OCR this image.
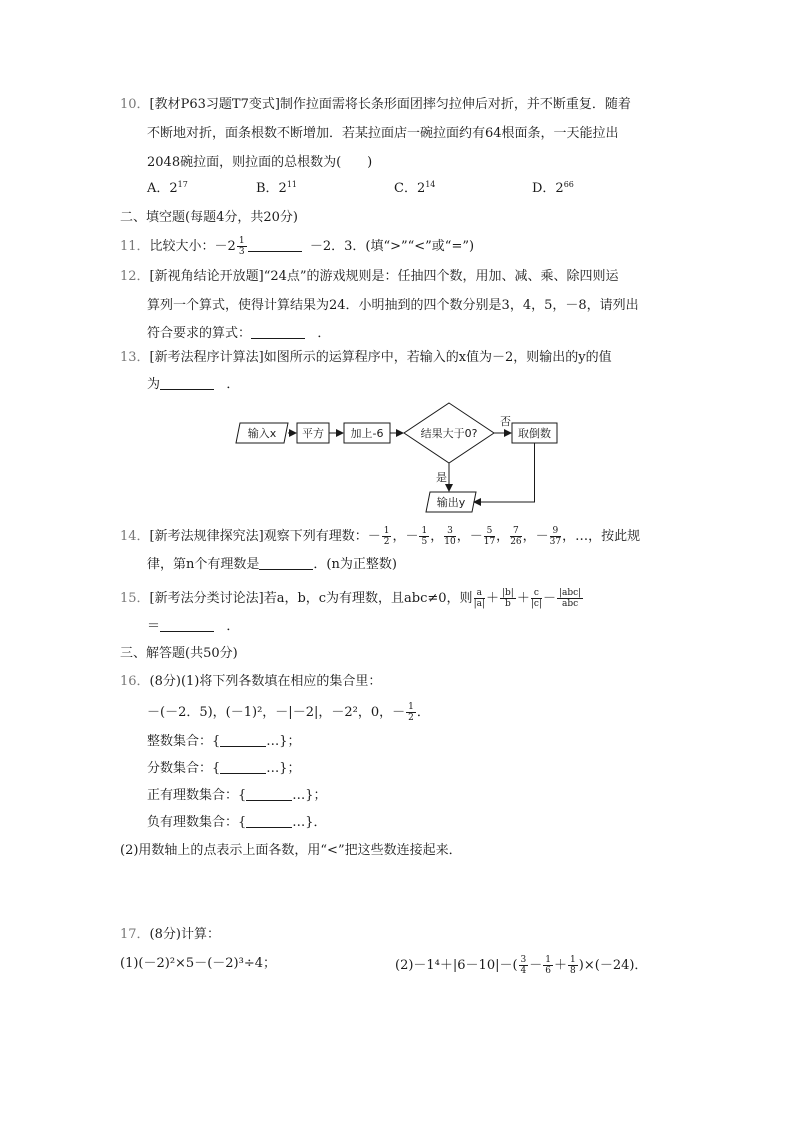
10．[教材P63习题T7变式]制作拉面需将长条形面团摔匀拉伸后对折，并不断重复．随着
不断地对折，面条根数不断增加．若某拉面店一碗拉面约有64根面条，一天能拉出
2048碗拉面，则拉面的总根数为(　　)
A．$2^{17}$	B．$2^{11}$	C．$2^{14}$	D．$2^{66}$
二、填空题(每题4分，共20分)
11．比较大小：$-2 \frac{1}{3}$	－2．3．(填“>”“<”或“=”)
12．[新视角结论开放题]“24点”的游戏规则是：任抽四个数，用加、减、乘、除四则运
算列一个算式，使得计算结果为24．小明抽到的四个数分别是3，4，5，－8，请列出
符合要求的算式：	．
13．[新考法程序计算法]如图所示的运算程序中，若输入的x值为－2，则输出的y的值
为	．
输入x 平方 加上-6	结果大于0?
否
取倒数
是
输出y
14．[新考法规律探究法]观察下列有理数：－ $\frac{1}{2}$ ，－ $\frac{1}{5}$ ， $\frac{3}{10}$ ，－ $\frac{5}{17}$ ， $\frac{7}{26}$ ，－ $\frac{9}{37}$ ，…，按此规
律，第n个有理数是	．(n为正整数)
15．[新考法分类讨论法]若a，b，c为有理数，且abc≠0，则 $\frac{a}{|a|} + \frac{|b|}{b} + \frac{c}{|c|} - \frac{\text{|abc|}}{\text{abc}}$
＝	．
三、解答题(共50分)
16．(8分)(1)将下列各数填在相应的集合里：
－(－2．5)，(－1)²，－|－2|，－2²，0，－ $\frac{1}{2}$ ．
整数集合：{	…}；
分数集合：{	…}；
正有理数集合：{	…}；
负有理数集合：{	…}．
(2)用数轴上的点表示上面各数，用“<”把这些数连接起来．
17．(8分)计算：
(1)(－2)²×5－(－2)³÷4；	$(2)-1^4+|6-10|-( \frac{3}{4} - \frac{1}{6} + \frac{1}{8} )\times(-24)$．
